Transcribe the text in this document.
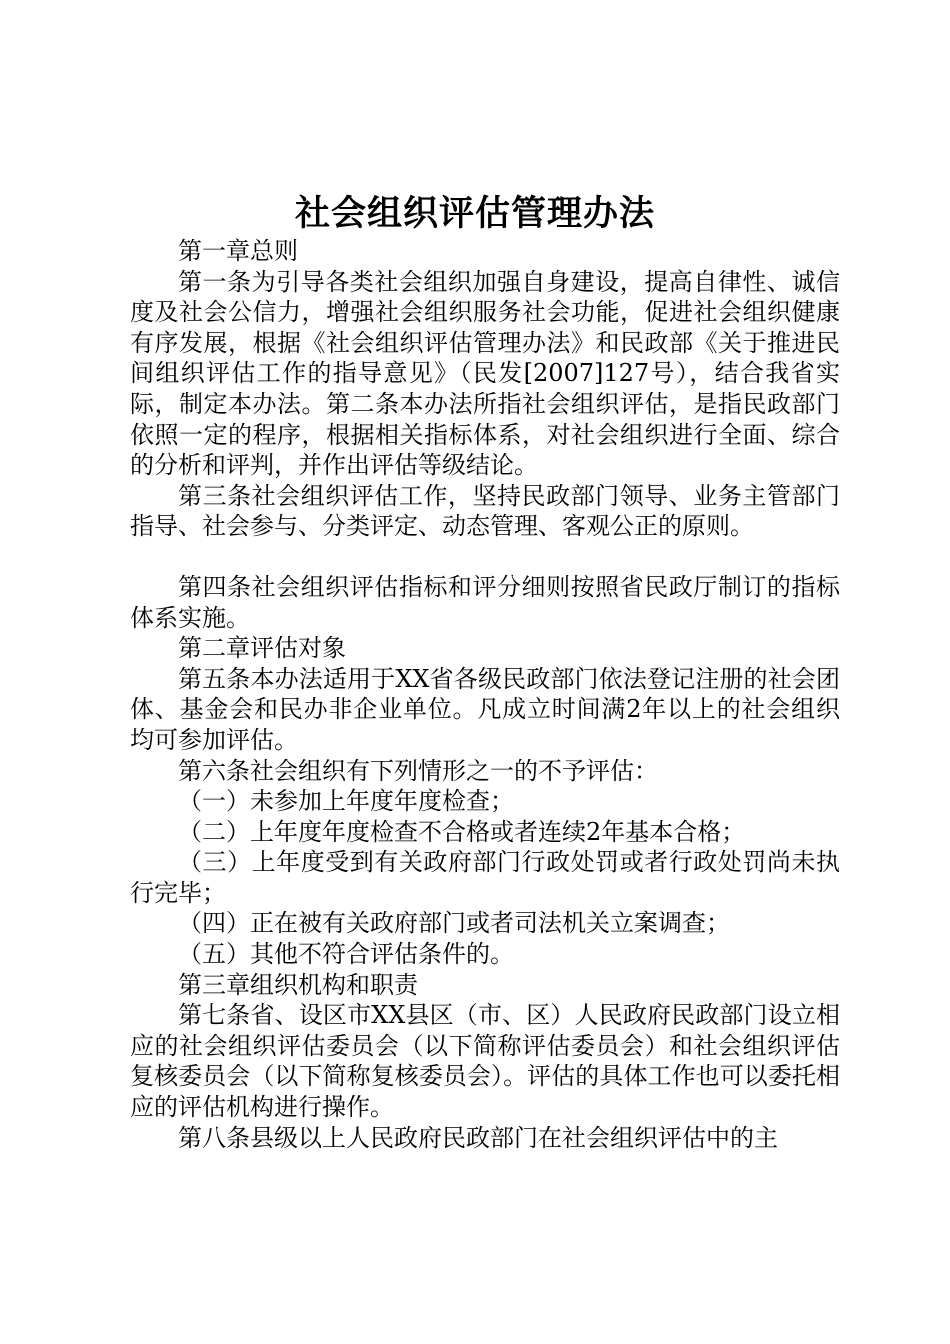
社会组织评估管理办法

第一章总则

第一条为引导各类社会组织加强自身建设，提高自律性、诚信度及社会公信力，增强社会组织服务社会功能，促进社会组织健康有序发展，根据《社会组织评估管理办法》和民政部《关于推进民间组织评估工作的指导意见》（民发[2007]127号），结合我省实际，制定本办法。第二条本办法所指社会组织评估，是指民政部门依照一定的程序，根据相关指标体系，对社会组织进行全面、综合的分析和评判，并作出评估等级结论。

第三条社会组织评估工作，坚持民政部门领导、业务主管部门指导、社会参与、分类评定、动态管理、客观公正的原则。

第四条社会组织评估指标和评分细则按照省民政厅制订的指标体系实施。

第二章评估对象

第五条本办法适用于XX省各级民政部门依法登记注册的社会团体、基金会和民办非企业单位。凡成立时间满2年以上的社会组织均可参加评估。

第六条社会组织有下列情形之一的不予评估：

（一）未参加上年度年度检查；

（二）上年度年度检查不合格或者连续2年基本合格；

（三）上年度受到有关政府部门行政处罚或者行政处罚尚未执行完毕；

（四）正在被有关政府部门或者司法机关立案调查；

（五）其他不符合评估条件的。

第三章组织机构和职责

第七条省、设区市XX县区（市、区）人民政府民政部门设立相应的社会组织评估委员会（以下简称评估委员会）和社会组织评估复核委员会（以下简称复核委员会）。评估的具体工作也可以委托相应的评估机构进行操作。

第八条县级以上人民政府民政部门在社会组织评估中的主
